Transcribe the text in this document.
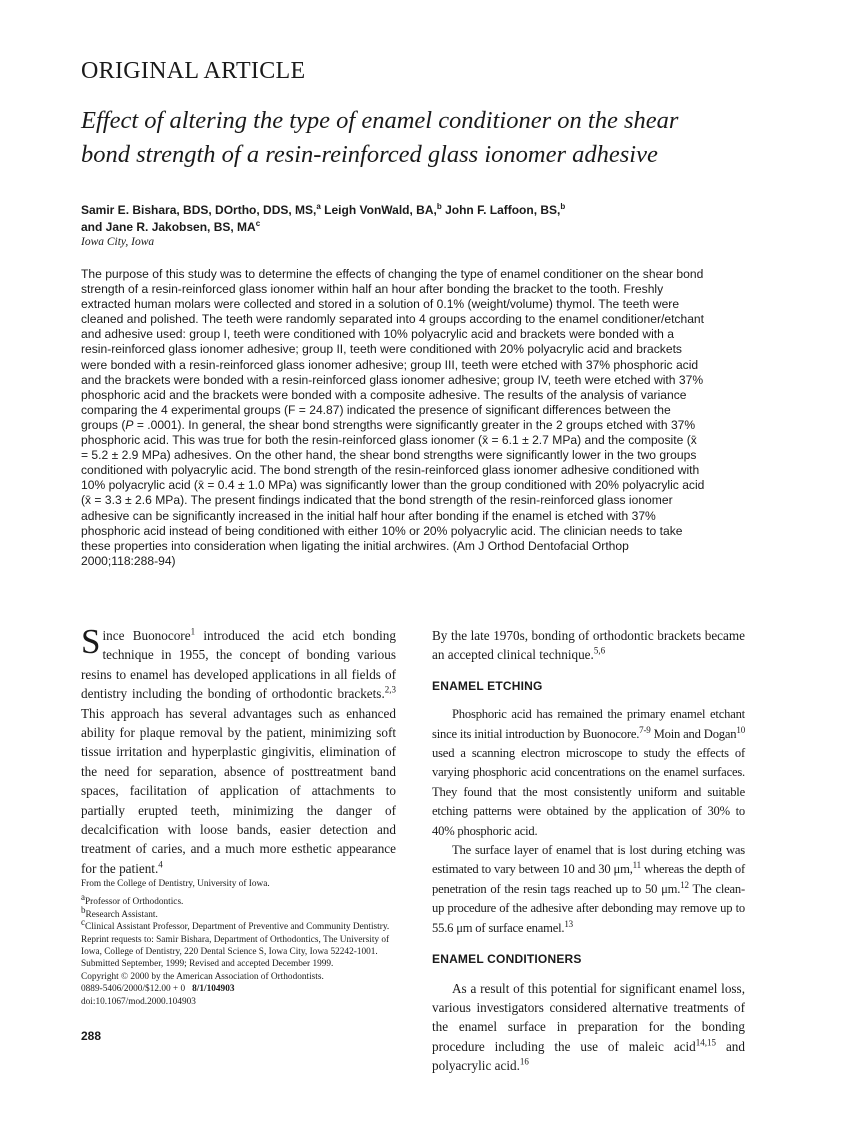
ORIGINAL ARTICLE
Effect of altering the type of enamel conditioner on the shear
bond strength of a resin-reinforced glass ionomer adhesive
Samir E. Bishara, BDS, DOrtho, DDS, MS,$^a$ Leigh VonWald, BA,$^b$ John F. Laffoon, BS,$^b$
and Jane R. Jakobsen, BS, $MA^c$
Iowa City, Iowa
The purpose of this study was to determine the effects of changing the type of enamel conditioner on the shear bond strength of a resin-reinforced glass ionomer within half an hour after bonding the bracket to the tooth. Freshly extracted human molars were collected and stored in a solution of 0.1% (weight/volume) thymol. The teeth were cleaned and polished. The teeth were randomly separated into 4 groups according to the enamel conditioner/etchant and adhesive used: group I, teeth were conditioned with 10% polyacrylic acid and brackets were bonded with a resin-reinforced glass ionomer adhesive; group II, teeth were conditioned with 20% polyacrylic acid and brackets were bonded with a resin-reinforced glass ionomer adhesive; group III, teeth were etched with 37% phosphoric acid and the brackets were bonded with a resin-reinforced glass ionomer adhesive; group IV, teeth were etched with 37% phosphoric acid and the brackets were bonded with a composite adhesive. The results of the analysis of variance comparing the 4 experimental groups (F = 24.87) indicated the presence of significant differences between the groups (P = .0001). In general, the shear bond strengths were significantly greater in the 2 groups etched with 37% phosphoric acid. This was true for both the resin-reinforced glass ionomer (x̄ = 6.1 ± 2.7 MPa) and the composite (x̄ = 5.2 ± 2.9 MPa) adhesives. On the other hand, the shear bond strengths were significantly lower in the two groups conditioned with polyacrylic acid. The bond strength of the resin-reinforced glass ionomer adhesive conditioned with 10% polyacrylic acid (x̄ = 0.4 ± 1.0 MPa) was significantly lower than the group conditioned with 20% polyacrylic acid (x̄ = 3.3 ± 2.6 MPa). The present findings indicated that the bond strength of the resin-reinforced glass ionomer adhesive can be significantly increased in the initial half hour after bonding if the enamel is etched with 37% phosphoric acid instead of being conditioned with either 10% or 20% polyacrylic acid. The clinician needs to take these properties into consideration when ligating the initial archwires. (Am J Orthod Dentofacial Orthop 2000;118:288-94)
Since Buonocore$^1$ introduced the acid etch bonding technique in 1955, the concept of bonding various resins to enamel has developed applications in all fields of dentistry including the bonding of orthodontic brackets.$^{2,3}$ This approach has several advantages such as enhanced ability for plaque removal by the patient, minimizing soft tissue irritation and hyperplastic gingivitis, elimination of the need for separation, absence of posttreatment band spaces, facilitation of application of attachments to partially erupted teeth, minimizing the danger of decalcification with loose bands, easier detection and treatment of caries, and a much more esthetic appearance for the patient.$^4$
By the late 1970s, bonding of orthodontic brackets became an accepted clinical technique.$^{5,6}$
ENAMEL ETCHING
Phosphoric acid has remained the primary enamel etchant since its initial introduction by Buonocore.$^{7-9}$ Moin and Dogan$^{10}$ used a scanning electron microscope to study the effects of varying phosphoric acid concentrations on the enamel surfaces. They found that the most consistently uniform and suitable etching patterns were obtained by the application of 30% to 40% phosphoric acid.
The surface layer of enamel that is lost during etching was estimated to vary between 10 and 30 μm,$^{11}$ whereas the depth of penetration of the resin tags reached up to 50 μm.$^{12}$ The clean-up procedure of the adhesive after debonding may remove up to 55.6 μm of surface enamel.$^{13}$
ENAMEL CONDITIONERS
As a result of this potential for significant enamel loss, various investigators considered alternative treatments of the enamel surface in preparation for the bonding procedure including the use of maleic acid$^{14,15}$ and polyacrylic acid.$^{16}$
From the College of Dentistry, University of Iowa.
$^a$Professor of Orthodontics.
$^b$Research Assistant.
$^c$Clinical Assistant Professor, Department of Preventive and Community Dentistry.
Reprint requests to: Samir Bishara, Department of Orthodontics, The University of Iowa, College of Dentistry, 220 Dental Science S, Iowa City, Iowa 52242-1001.
Submitted September, 1999; Revised and accepted December 1999.
Copyright © 2000 by the American Association of Orthodontists.
0889-5406/2000/$12.00 + 0 8/1/104903
doi:10.1067/mod.2000.104903
288
